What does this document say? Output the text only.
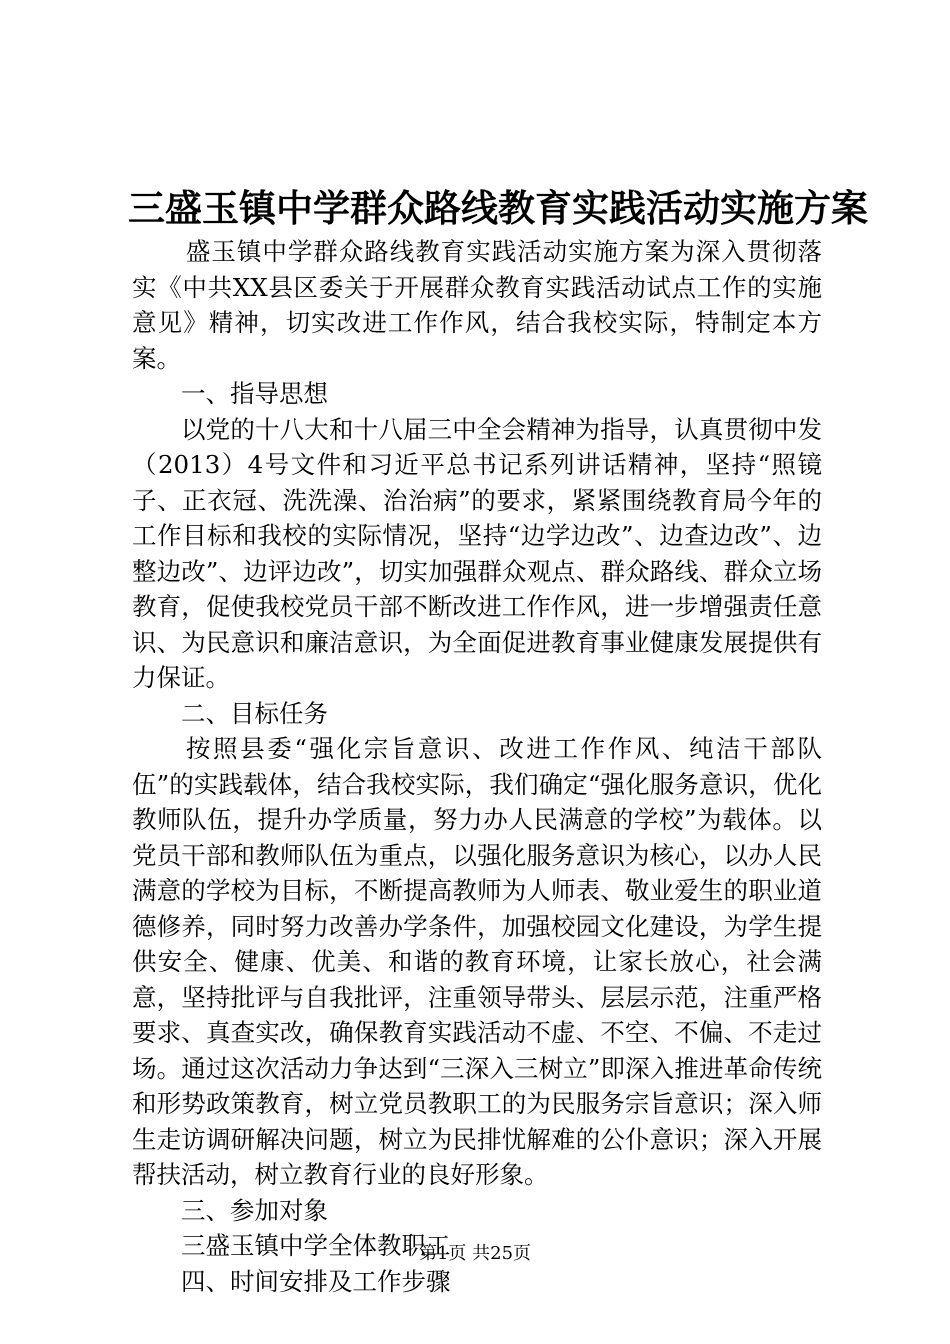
三盛玉镇中学群众路线教育实践活动实施方案

盛玉镇中学群众路线教育实践活动实施方案为深入贯彻落实《中共XX县区委关于开展群众教育实践活动试点工作的实施意见》精神，切实改进工作作风，结合我校实际，特制定本方案。

一、指导思想

以党的十八大和十八届三中全会精神为指导，认真贯彻中发（2013）4号文件和习近平总书记系列讲话精神，坚持“照镜子、正衣冠、洗洗澡、治治病”的要求，紧紧围绕教育局今年的工作目标和我校的实际情况，坚持“边学边改”、边查边改”、边整边改”、边评边改”，切实加强群众观点、群众路线、群众立场教育，促使我校党员干部不断改进工作作风，进一步增强责任意识、为民意识和廉洁意识，为全面促进教育事业健康发展提供有力保证。

二、目标任务

按照县委“强化宗旨意识、改进工作作风、纯洁干部队伍”的实践载体，结合我校实际，我们确定“强化服务意识，优化教师队伍，提升办学质量，努力办人民满意的学校”为载体。以党员干部和教师队伍为重点，以强化服务意识为核心，以办人民满意的学校为目标，不断提高教师为人师表、敬业爱生的职业道德修养，同时努力改善办学条件，加强校园文化建设，为学生提供安全、健康、优美、和谐的教育环境，让家长放心，社会满意，坚持批评与自我批评，注重领导带头、层层示范，注重严格要求、真查实改，确保教育实践活动不虚、不空、不偏、不走过场。通过这次活动力争达到“三深入三树立”即深入推进革命传统和形势政策教育，树立党员教职工的为民服务宗旨意识；深入师生走访调研解决问题，树立为民排忧解难的公仆意识；深入开展帮扶活动，树立教育行业的良好形象。

三、参加对象

三盛玉镇中学全体教职工

四、时间安排及工作步骤

第1页 共25页
